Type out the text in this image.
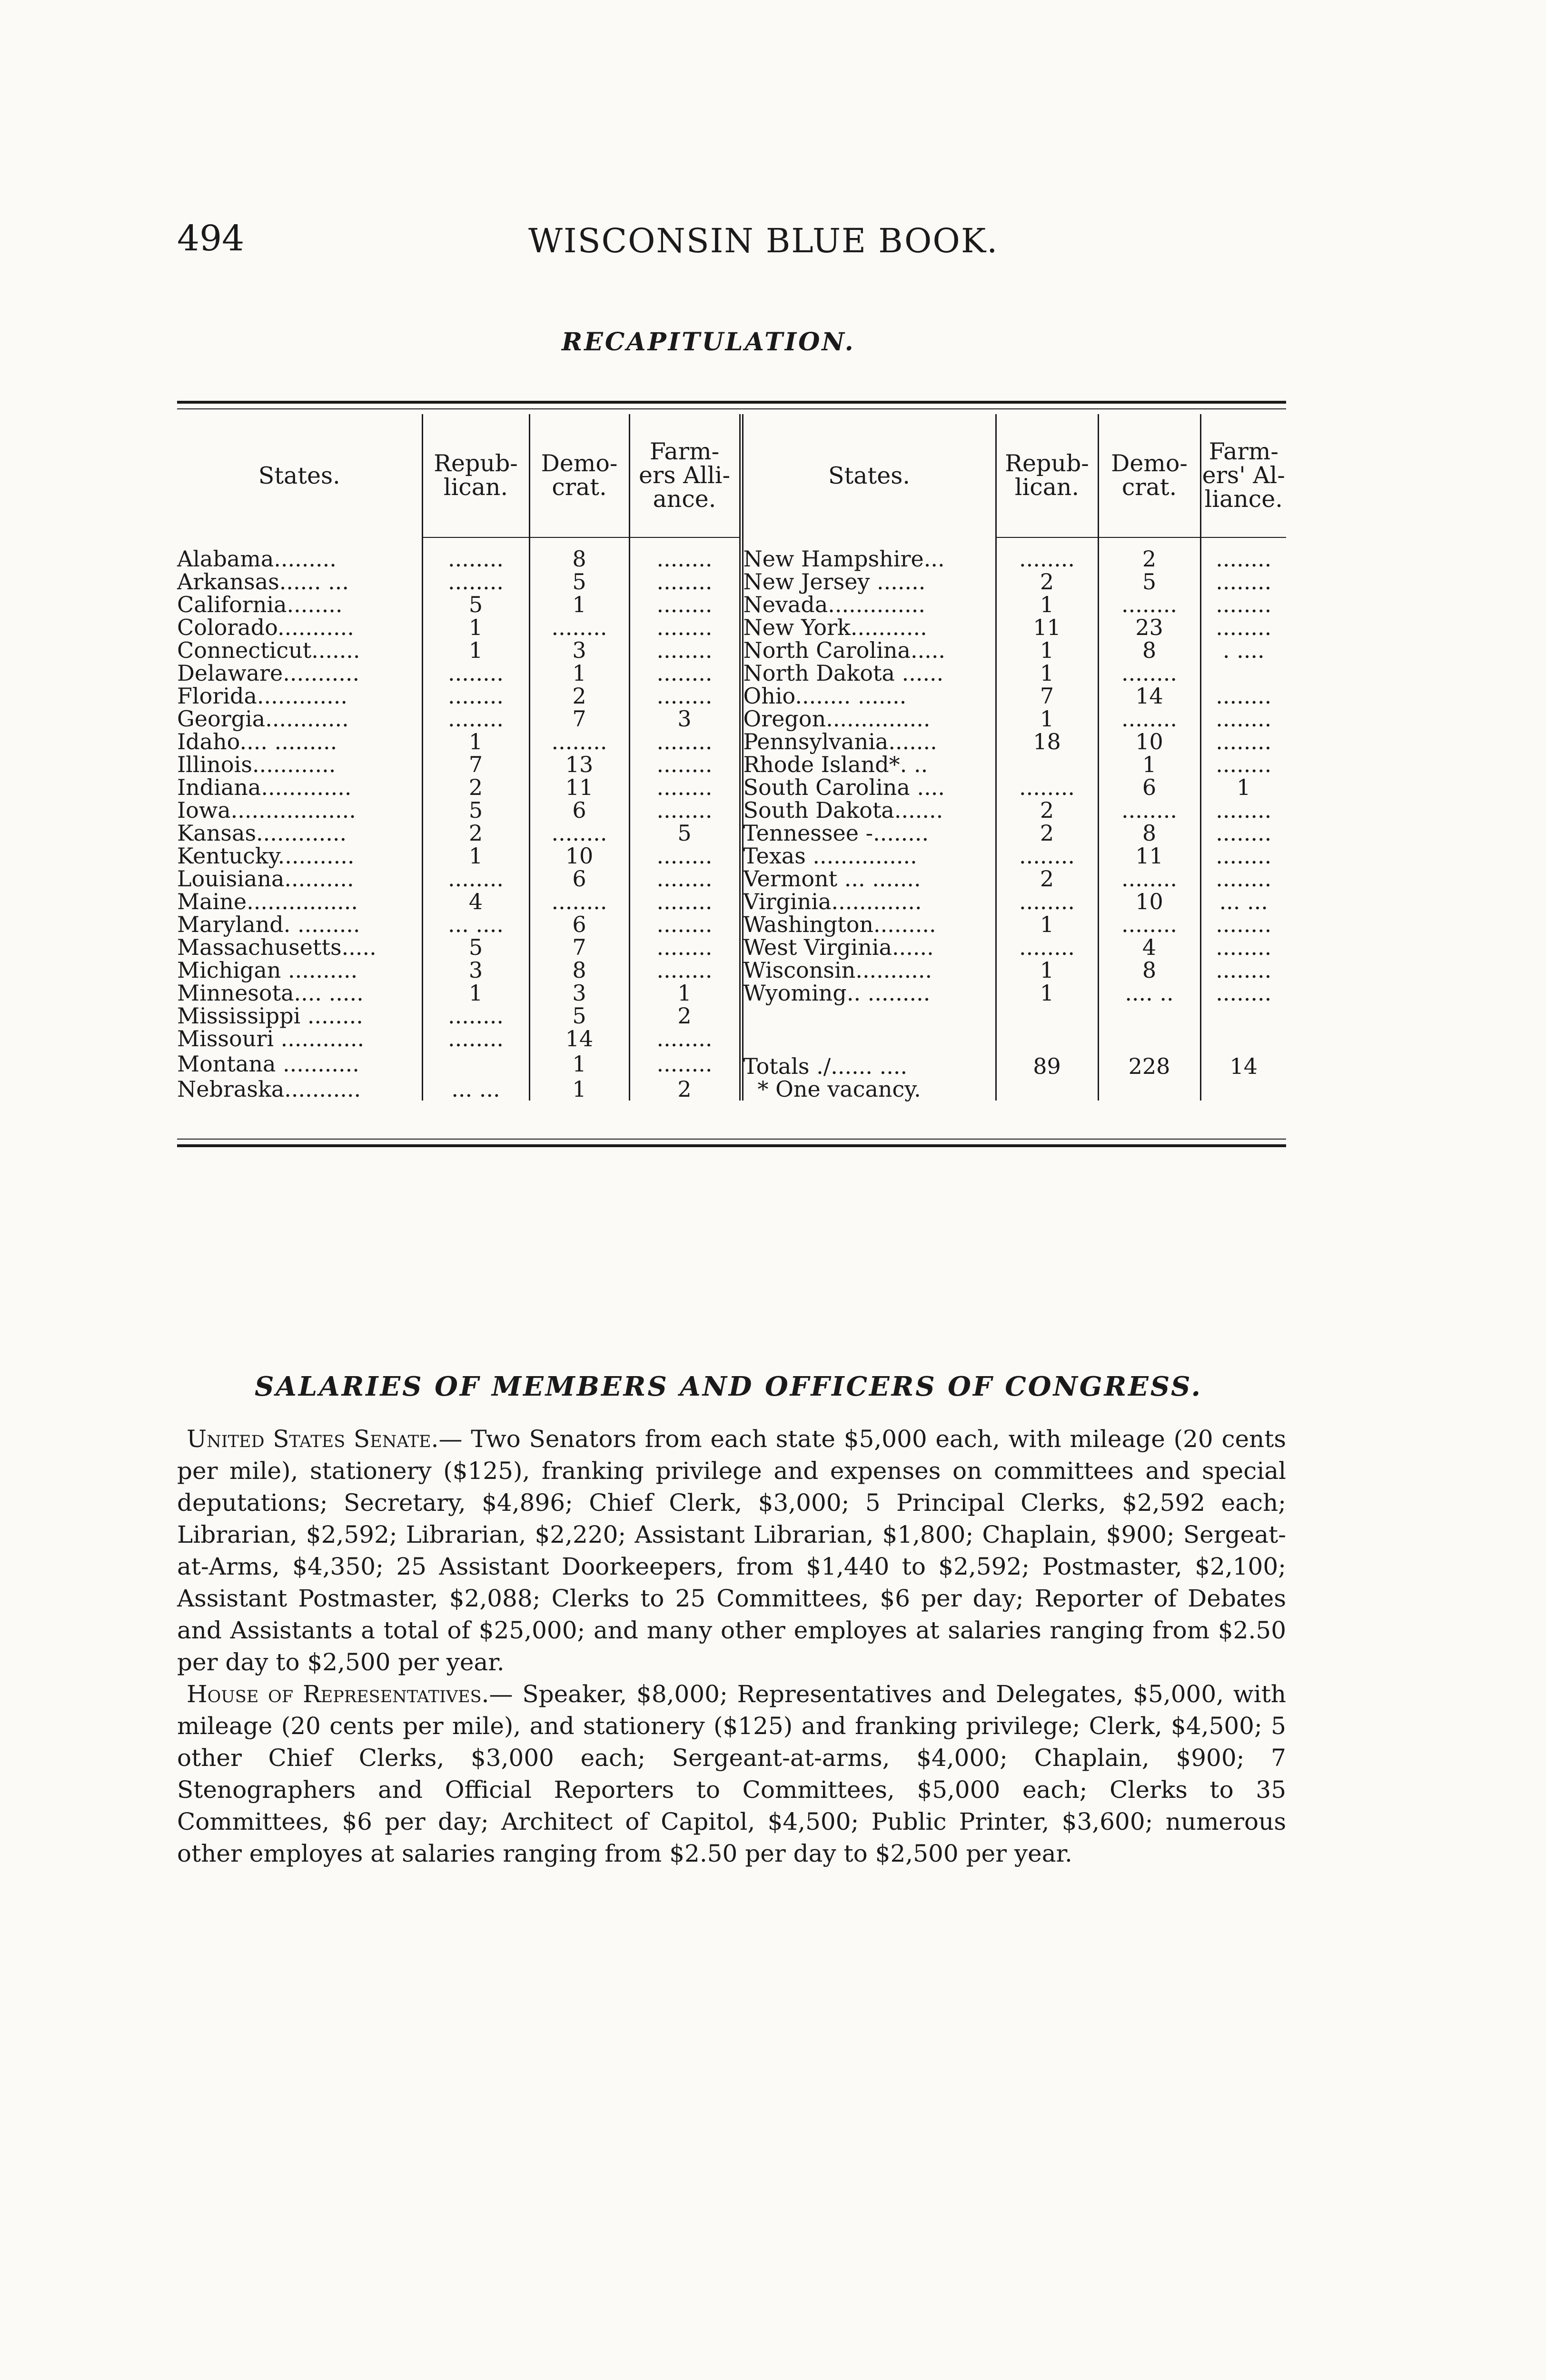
494	WISCONSIN BLUE BOOK.
RECAPITULATION.
States.	Repub- lican.	Demo- crat.	Farm- ers Alli- ance.	States.	Repub- lican.	Demo- crat.	Farm- ers' Al- liance.

Alabama.........	........	8	........	New Hampshire...	........	2	........
Arkansas...... ...	........	5	........	New Jersey .......	2	5	........
California........	5	1	........	Nevada..............	1	........	........
Colorado...........	1	........	........	New York...........	11	23	........
Connecticut.......	1	3	........	North Carolina.....	1	8	. ....
Delaware...........	........	1	........	North Dakota ......	1	........	
Florida.............	........	2	........	Ohio........ .......	7	14	........
Georgia............	........	7	3	Oregon...............	1	........	........
Idaho.... .........	1	........	........	Pennsylvania.......	18	10	........
Illinois............	7	13	........	Rhode Island*. ..		1	........
Indiana.............	2	11	........	South Carolina ....	........	6	1
Iowa..................	5	6	........	South Dakota.......	2	........	........
Kansas.............	2	........	5	Tennessee -........	2	8	........
Kentucky...........	1	10	........	Texas ...............	........	11	........
Louisiana..........	........	6	........	Vermont ... .......	2	........	........
Maine................	4	........	........	Virginia.............	........	10	... ...
Maryland. .........	... ....	6	........	Washington.........	1	........	........
Massachusetts.....	5	7	........	West Virginia......	........	4	........
Michigan ..........	3	8	........	Wisconsin...........	1	8	........
Minnesota.... .....	1	3	1	Wyoming.. .........	1	.... ..	........
Mississippi ........	........	5	2				
Missouri ............	........	14	........				
Montana ...........		1	........	Totals ./...... ....	89	228	14
Nebraska...........	... ...	1	2	* One vacancy.			
SALARIES OF MEMBERS AND OFFICERS OF CONGRESS.

United States Senate.— Two Senators from each state $5,000 each, with mileage (20 cents per mile), stationery ($125), franking privilege and expenses on committees and special deputations; Secretary, $4,896; Chief Clerk, $3,000; 5 Principal Clerks, $2,592 each; Librarian, $2,592; Librarian, $2,220; Assistant Librarian, $1,800; Chaplain, $900; Sergeat-at-Arms, $4,350; 25 Assistant Doorkeepers, from $1,440 to $2,592; Postmaster, $2,100; Assistant Postmaster, $2,088; Clerks to 25 Committees, $6 per day; Reporter of Debates and Assistants a total of $25,000; and many other employes at salaries ranging from $2.50 per day to $2,500 per year.

House of Representatives.— Speaker, $8,000; Representatives and Delegates, $5,000, with mileage (20 cents per mile), and stationery ($125) and franking privilege; Clerk, $4,500; 5 other Chief Clerks, $3,000 each; Sergeant-at-arms, $4,000; Chaplain, $900; 7 Stenographers and Official Reporters to Committees, $5,000 each; Clerks to 35 Committees, $6 per day; Architect of Capitol, $4,500; Public Printer, $3,600; numerous other employes at salaries ranging from $2.50 per day to $2,500 per year.
